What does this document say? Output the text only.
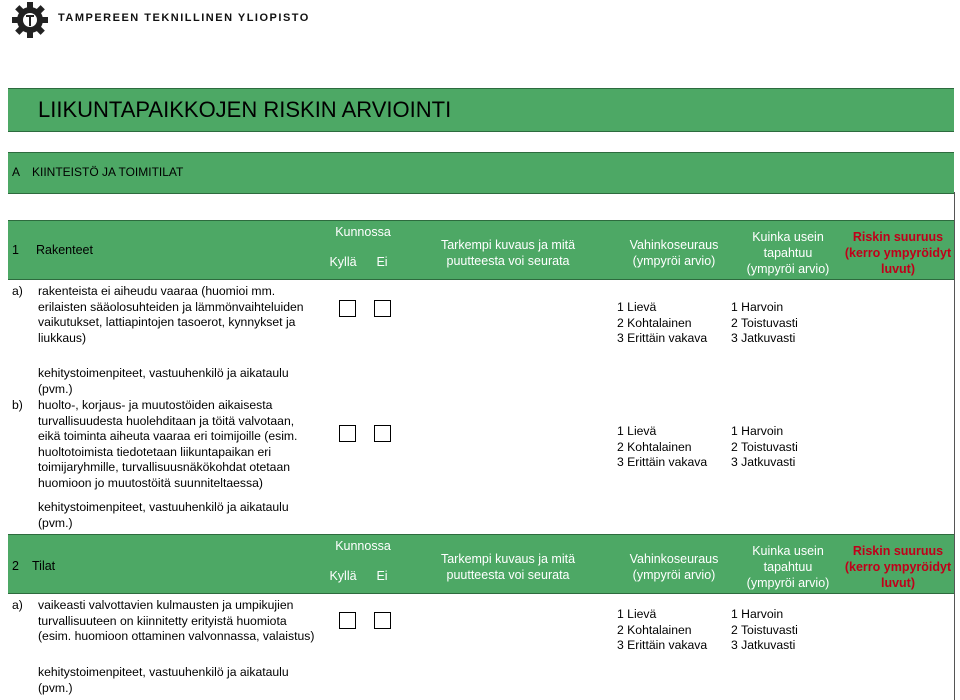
TAMPEREEN TEKNILLINEN YLIOPISTO
LIIKUNTAPAIKKOJEN RISKIN ARVIOINTI
A KIINTEISTÖ JA TOIMITILAT
1 Rakenteet
Kunnossa
Kyllä	Ei
Tarkempi kuvaus ja mitä
puutteesta voi seurata
Vahinkoseuraus
(ympyröi arvio)
Kuinka usein
tapahtuu
(ympyröi arvio)
Riskin suuruus
(kerro ympyröidyt
luvut)
a) rakenteista ei aiheudu vaaraa (huomioi mm.
erilaisten sääolosuhteiden ja lämmönvaihteluiden
vaikutukset, lattiapintojen tasoerot, kynnykset ja
liukkaus)
1 Lievä
2 Kohtalainen
3 Erittäin vakava
1 Harvoin
2 Toistuvasti
3 Jatkuvasti
kehitystoimenpiteet, vastuuhenkilö ja aikataulu
(pvm.)
b) huolto-, korjaus- ja muutostöiden aikaisesta
turvallisuudesta huolehditaan ja töitä valvotaan,
eikä toiminta aiheuta vaaraa eri toimijoille (esim.
huoltotoimista tiedotetaan liikuntapaikan eri
toimijaryhmille, turvallisuusnäkökohdat otetaan
huomioon jo muutostöitä suunniteltaessa)
1 Lievä
2 Kohtalainen
3 Erittäin vakava
1 Harvoin
2 Toistuvasti
3 Jatkuvasti
kehitystoimenpiteet, vastuuhenkilö ja aikataulu
(pvm.)
2 Tilat
Kunnossa
Kyllä	Ei
Tarkempi kuvaus ja mitä
puutteesta voi seurata
Vahinkoseuraus
(ympyröi arvio)
Kuinka usein
tapahtuu
(ympyröi arvio)
Riskin suuruus
(kerro ympyröidyt
luvut)
a) vaikeasti valvottavien kulmausten ja umpikujien
turvallisuuteen on kiinnitetty erityistä huomiota
(esim. huomioon ottaminen valvonnassa, valaistus)
1 Lievä
2 Kohtalainen
3 Erittäin vakava
1 Harvoin
2 Toistuvasti
3 Jatkuvasti
kehitystoimenpiteet, vastuuhenkilö ja aikataulu
(pvm.)
